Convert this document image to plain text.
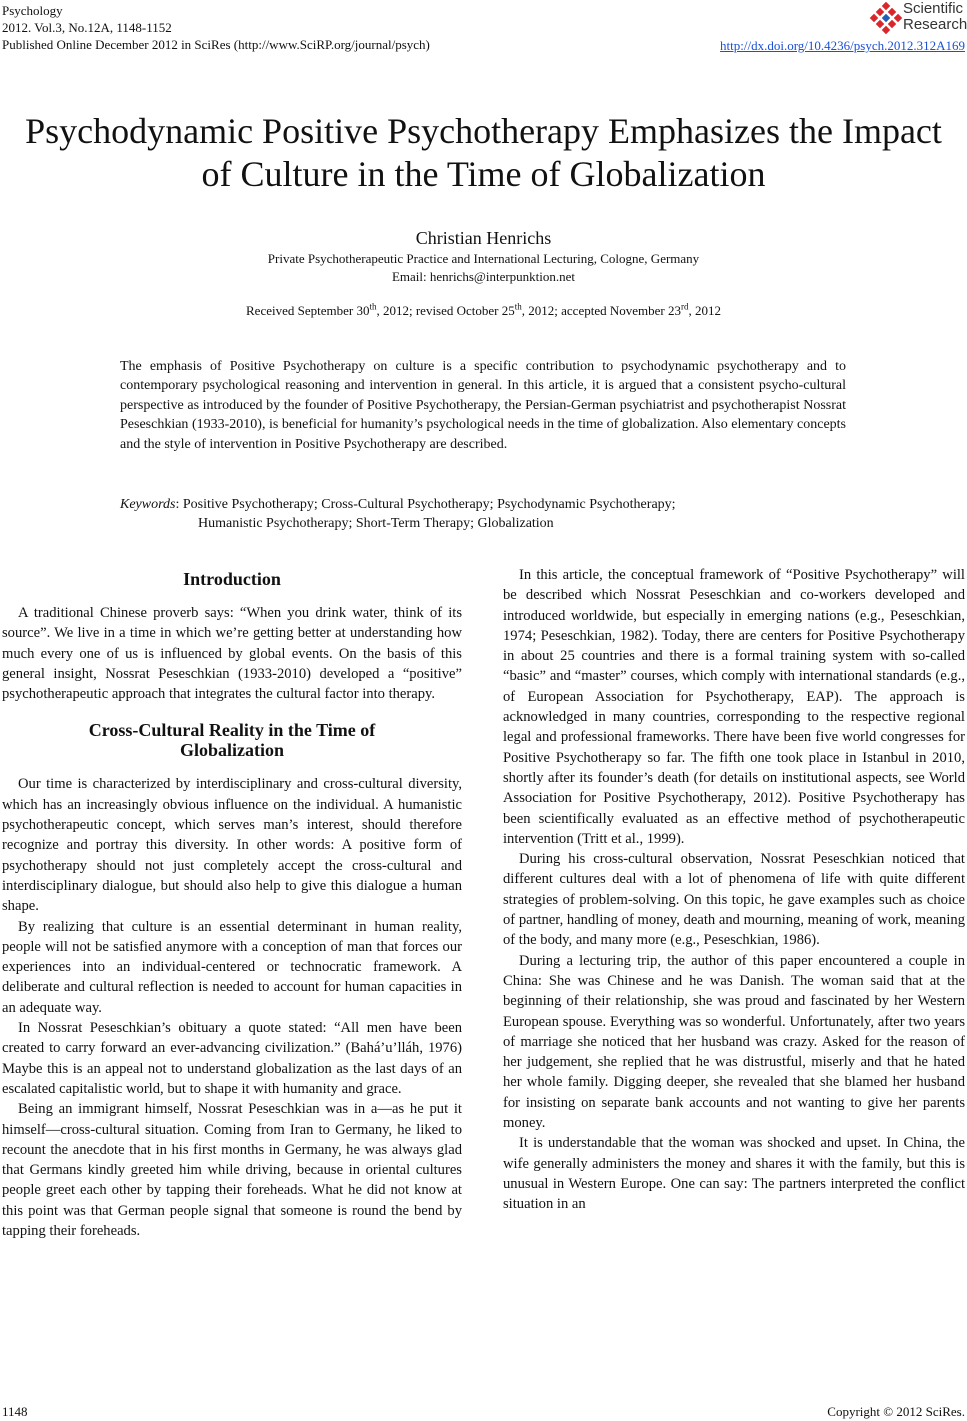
Psychology
2012. Vol.3, No.12A, 1148-1152
Published Online December 2012 in SciRes (http://www.SciRP.org/journal/psych)
Scientific
Research
http://dx.doi.org/10.4236/psych.2012.312A169
Psychodynamic Positive Psychotherapy Emphasizes the Impact
of Culture in the Time of Globalization
Christian Henrichs
Private Psychotherapeutic Practice and International Lecturing, Cologne, Germany
Email: henrichs@interpunktion.net
Received September 30th, 2012; revised October 25th, 2012; accepted November 23rd, 2012
The emphasis of Positive Psychotherapy on culture is a specific contribution to psychodynamic psychotherapy and to contemporary psychological reasoning and intervention in general. In this article, it is argued that a consistent psycho-cultural perspective as introduced by the founder of Positive Psychotherapy, the Persian-German psychiatrist and psychotherapist Nossrat Peseschkian (1933-2010), is beneficial for humanity’s psychological needs in the time of globalization. Also elementary concepts and the style of intervention in Positive Psychotherapy are described.
Keywords: Positive Psychotherapy; Cross-Cultural Psychotherapy; Psychodynamic Psychotherapy;
Humanistic Psychotherapy; Short-Term Therapy; Globalization
Introduction

A traditional Chinese proverb says: “When you drink water, think of its source”. We live in a time in which we’re getting better at understanding how much every one of us is influenced by global events. On the basis of this general insight, Nossrat Peseschkian (1933-2010) developed a “positive” psychotherapeutic approach that integrates the cultural factor into therapy.

Cross-Cultural Reality in the Time of
Globalization

Our time is characterized by interdisciplinary and cross-cultural diversity, which has an increasingly obvious influence on the individual. A humanistic psychotherapeutic concept, which serves man’s interest, should therefore recognize and portray this diversity. In other words: A positive form of psychotherapy should not just completely accept the cross-cultural and interdisciplinary dialogue, but should also help to give this dialogue a human shape.

By realizing that culture is an essential determinant in human reality, people will not be satisfied anymore with a conception of man that forces our experiences into an individual-centered or technocratic framework. A deliberate and cultural reflection is needed to account for human capacities in an adequate way.

In Nossrat Peseschkian’s obituary a quote stated: “All men have been created to carry forward an ever-advancing civilization.” (Bahá’u’lláh, 1976) Maybe this is an appeal not to understand globalization as the last days of an escalated capitalistic world, but to shape it with humanity and grace.

Being an immigrant himself, Nossrat Peseschkian was in a—as he put it himself—cross-cultural situation. Coming from Iran to Germany, he liked to recount the anecdote that in his first months in Germany, he was always glad that Germans kindly greeted him while driving, because in oriental cultures people greet each other by tapping their foreheads. What he did not know at this point was that German people signal that someone is round the bend by tapping their foreheads.

In this article, the conceptual framework of “Positive Psychotherapy” will be described which Nossrat Peseschkian and co-workers developed and introduced worldwide, but especially in emerging nations (e.g., Peseschkian, 1974; Peseschkian, 1982). Today, there are centers for Positive Psychotherapy in about 25 countries and there is a formal training system with so-called “basic” and “master” courses, which comply with international standards (e.g., of European Association for Psychotherapy, EAP). The approach is acknowledged in many countries, corresponding to the respective regional legal and professional frameworks. There have been five world congresses for Positive Psychotherapy so far. The fifth one took place in Istanbul in 2010, shortly after its founder’s death (for details on institutional aspects, see World Association for Positive Psychotherapy, 2012). Positive Psychotherapy has been scientifically evaluated as an effective method of psychotherapeutic intervention (Tritt et al., 1999).

During his cross-cultural observation, Nossrat Peseschkian noticed that different cultures deal with a lot of phenomena of life with quite different strategies of problem-solving. On this topic, he gave examples such as choice of partner, handling of money, death and mourning, meaning of work, meaning of the body, and many more (e.g., Peseschkian, 1986).

During a lecturing trip, the author of this paper encountered a couple in China: She was Chinese and he was Danish. The woman said that at the beginning of their relationship, she was proud and fascinated by her Western European spouse. Everything was so wonderful. Unfortunately, after two years of marriage she noticed that her husband was crazy. Asked for the reason of her judgement, she replied that he was distrustful, miserly and that he hated her whole family. Digging deeper, she revealed that she blamed her husband for insisting on separate bank accounts and not wanting to give her parents money.

It is understandable that the woman was shocked and upset. In China, the wife generally administers the money and shares it with the family, but this is unusual in Western Europe. One can say: The partners interpreted the conflict situation in an

1148	Copyright © 2012 SciRes.
